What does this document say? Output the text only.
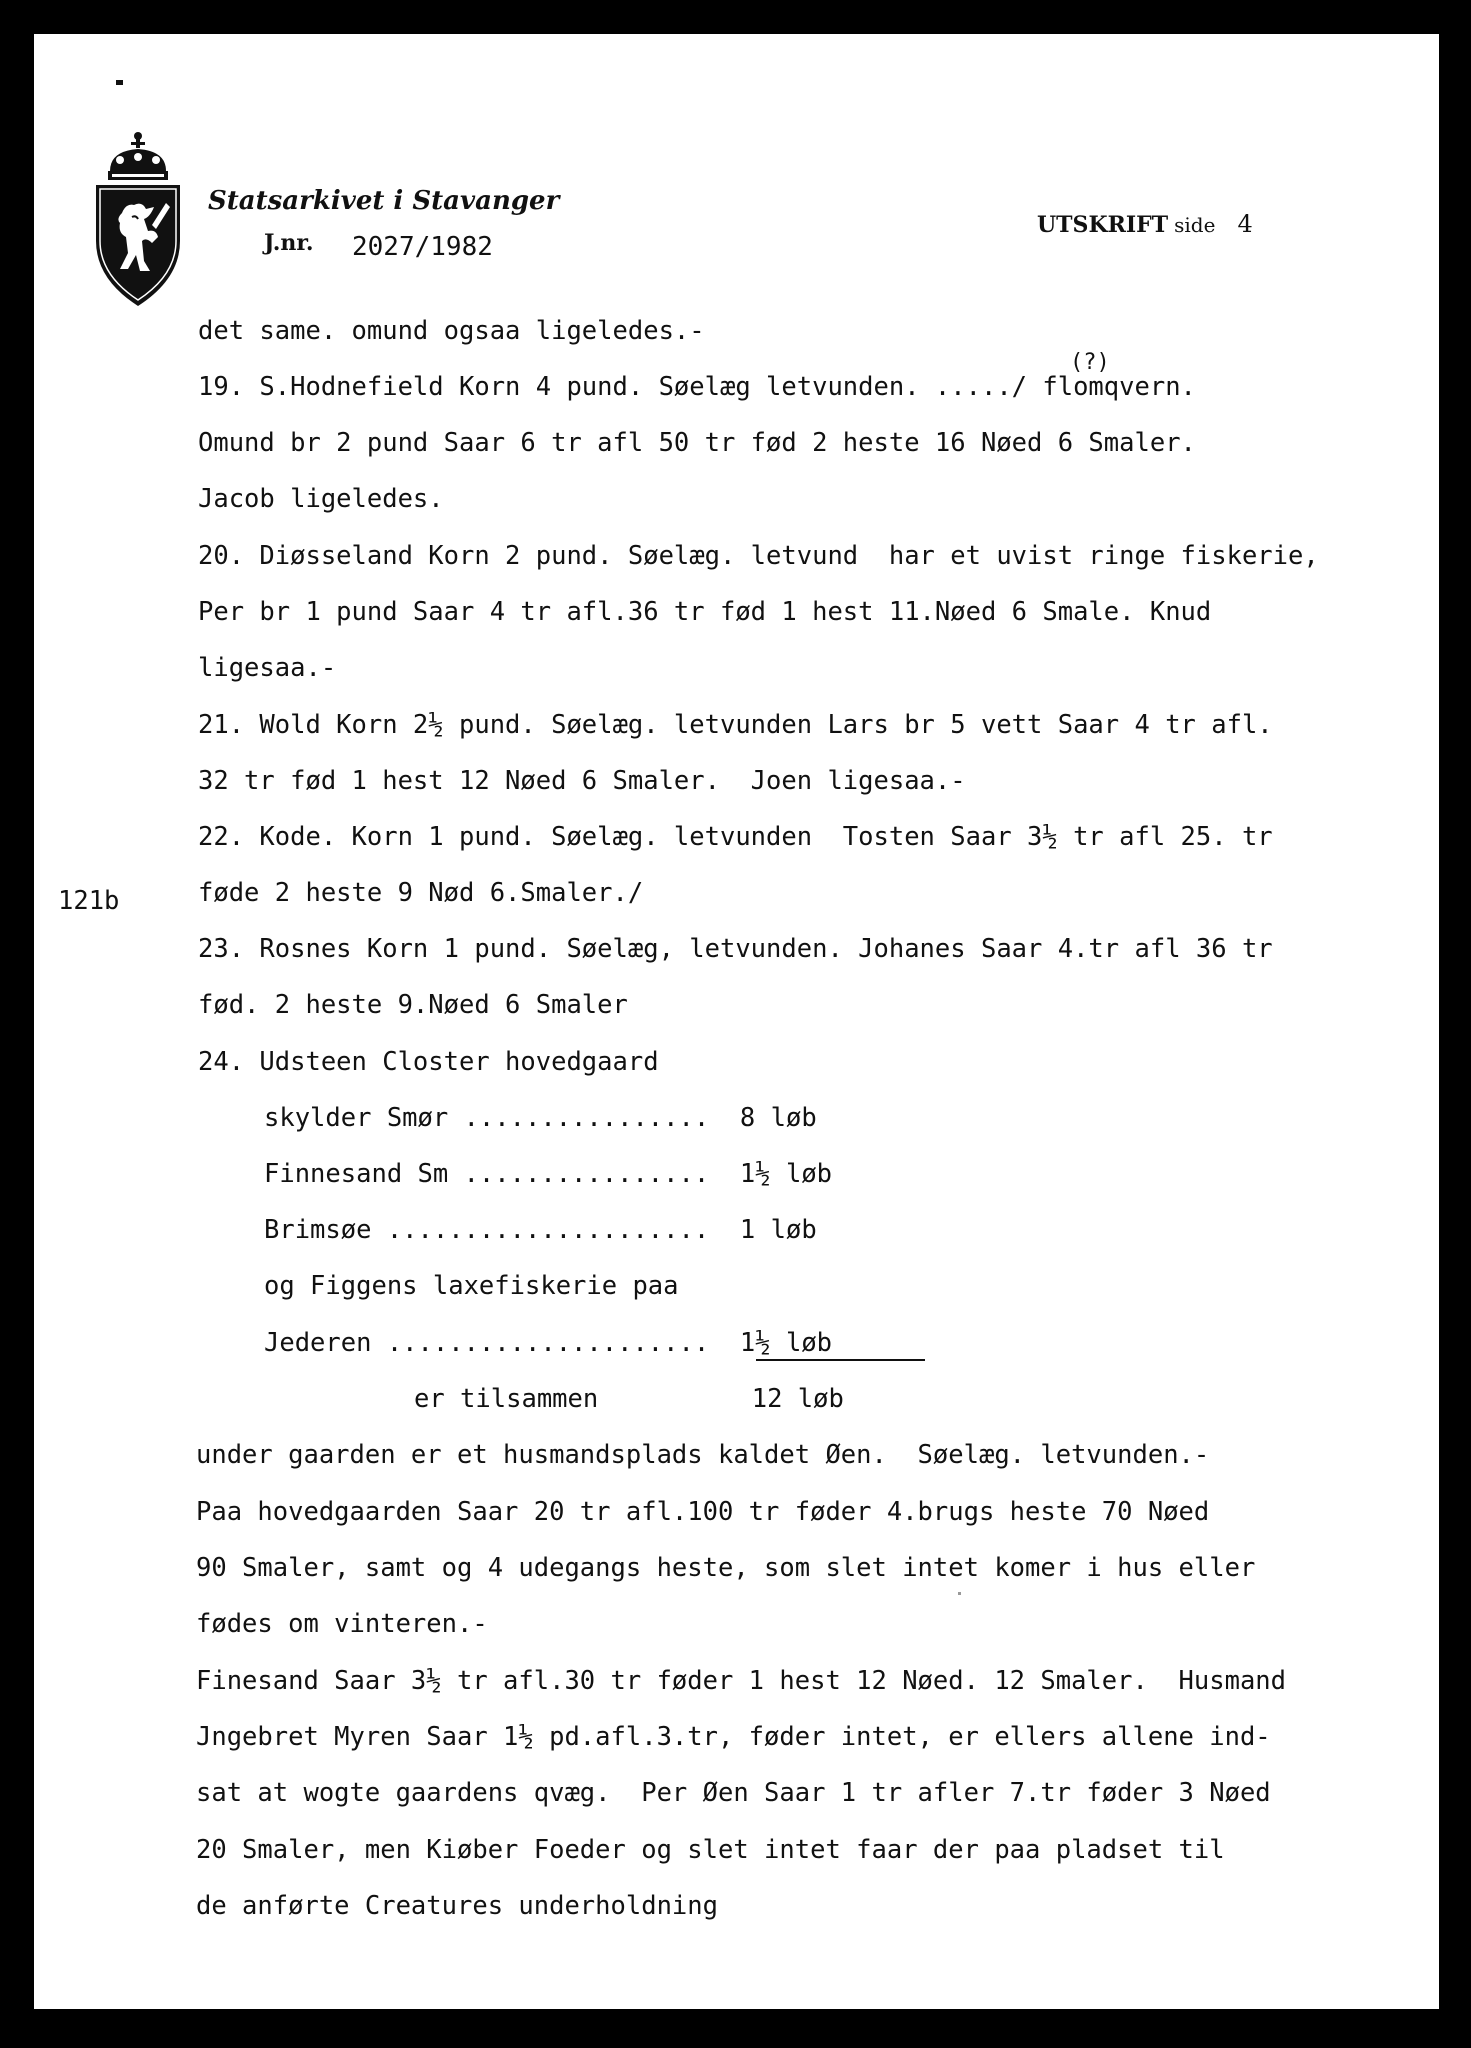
Statsarkivet i Stavanger
J.nr. 2027/1982
UTSKRIFT side 4
(?)
121b
det same. omund ogsaa ligeledes.-
19. S.Hodnefield Korn 4 pund. Søelæg letvunden. ...../ flomqvern.
Omund br 2 pund Saar 6 tr afl 50 tr fød 2 heste 16 Nøed 6 Smaler.
Jacob ligeledes.
20. Diøsseland Korn 2 pund. Søelæg. letvund  har et uvist ringe fiskerie,
Per br 1 pund Saar 4 tr afl.36 tr fød 1 hest 11.Nøed 6 Smale. Knud
ligesaa.-
21. Wold Korn 2½ pund. Søelæg. letvunden Lars br 5 vett Saar 4 tr afl.
32 tr fød 1 hest 12 Nøed 6 Smaler.  Joen ligesaa.-
22. Kode. Korn 1 pund. Søelæg. letvunden  Tosten Saar 3½ tr afl 25. tr
føde 2 heste 9 Nød 6.Smaler./
23. Rosnes Korn 1 pund. Søelæg, letvunden. Johanes Saar 4.tr afl 36 tr
fød. 2 heste 9.Nøed 6 Smaler
24. Udsteen Closter hovedgaard
skylder Smør ................  8 løb
Finnesand Sm ................  1½ løb
Brimsøe .....................  1 løb
og Figgens laxefiskerie paa
Jederen .....................  1½ løb
er tilsammen          12 løb
under gaarden er et husmandsplads kaldet Øen.  Søelæg. letvunden.-
Paa hovedgaarden Saar 20 tr afl.100 tr føder 4.brugs heste 70 Nøed
90 Smaler, samt og 4 udegangs heste, som slet intet komer i hus eller
fødes om vinteren.-
Finesand Saar 3½ tr afl.30 tr føder 1 hest 12 Nøed. 12 Smaler.  Husmand
Jngebret Myren Saar 1½ pd.afl.3.tr, føder intet, er ellers allene ind-
sat at wogte gaardens qvæg.  Per Øen Saar 1 tr afler 7.tr føder 3 Nøed
20 Smaler, men Kiøber Foeder og slet intet faar der paa pladset til
de anførte Creatures underholdning
